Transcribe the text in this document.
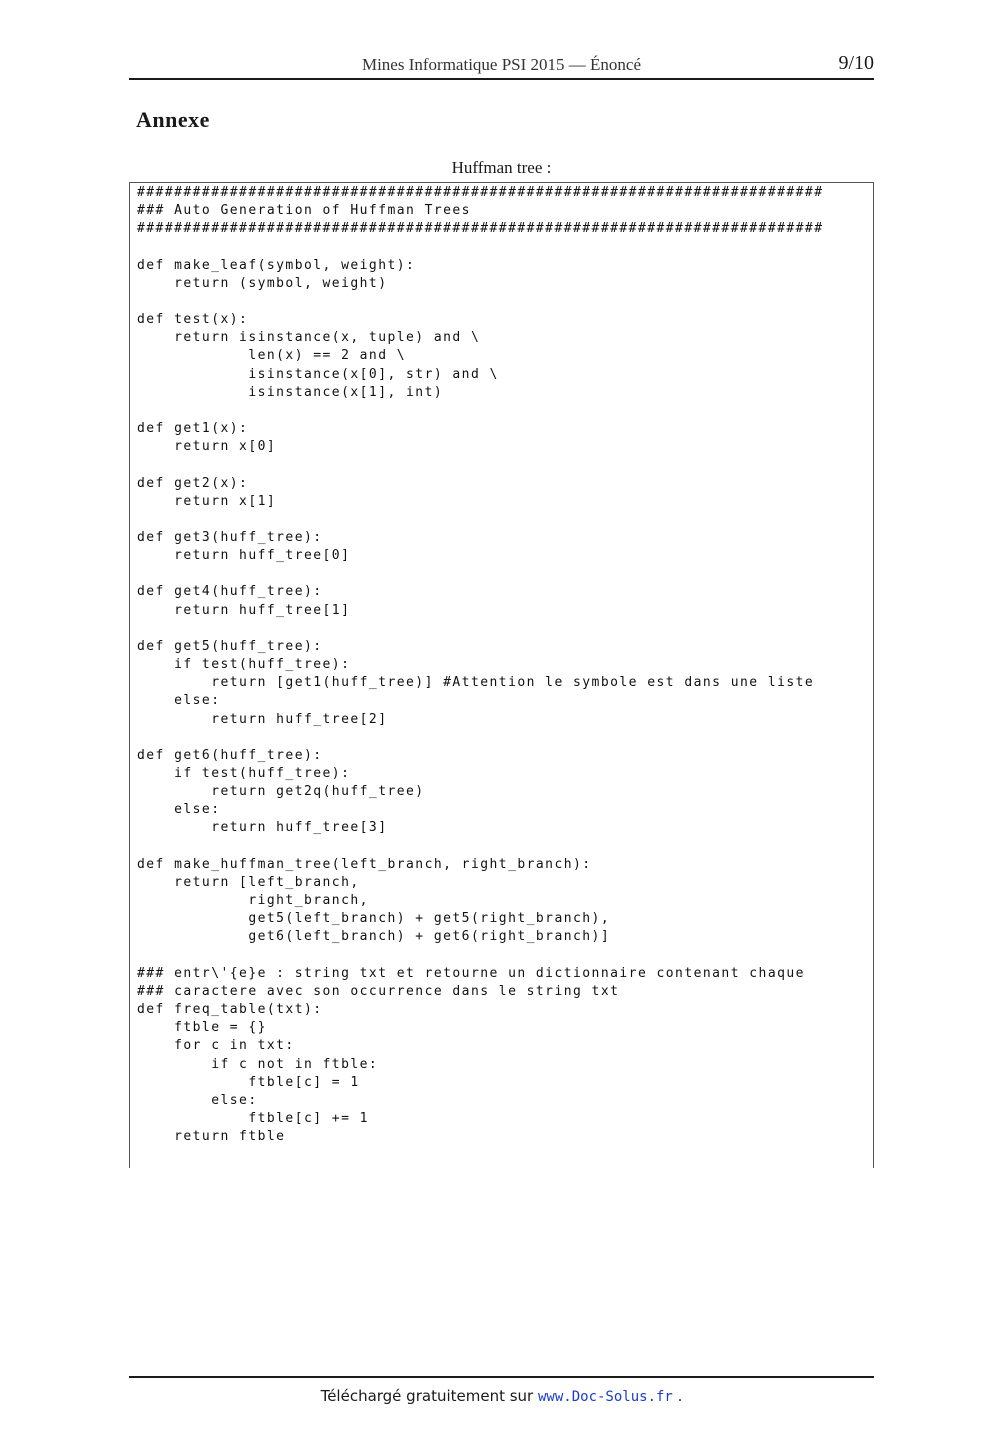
Mines Informatique PSI 2015 — Énoncé	9/10
Annexe
Huffman tree :
##########################################################################
### Auto Generation of Huffman Trees
##########################################################################

def make_leaf(symbol, weight):
return (symbol, weight)

def test(x):
return isinstance(x, tuple) and \
len(x) == 2 and \
isinstance(x[0], str) and \
isinstance(x[1], int)

def get1(x):
return x[0]

def get2(x):
return x[1]

def get3(huff_tree):
return huff_tree[0]

def get4(huff_tree):
return huff_tree[1]

def get5(huff_tree):
if test(huff_tree):
return [get1(huff_tree)] #Attention le symbole est dans une liste
else:
return huff_tree[2]

def get6(huff_tree):
if test(huff_tree):
return get2q(huff_tree)
else:
return huff_tree[3]

def make_huffman_tree(left_branch, right_branch):
return [left_branch,
right_branch,
get5(left_branch) + get5(right_branch),
get6(left_branch) + get6(right_branch)]

### entr\'{e}e : string txt et retourne un dictionnaire contenant chaque
### caractere avec son occurrence dans le string txt
def freq_table(txt):
ftble = {}
for c in txt:
if c not in ftble:
ftble[c] = 1
else:
ftble[c] += 1
return ftble
Téléchargé gratuitement sur www.Doc-Solus.fr .
